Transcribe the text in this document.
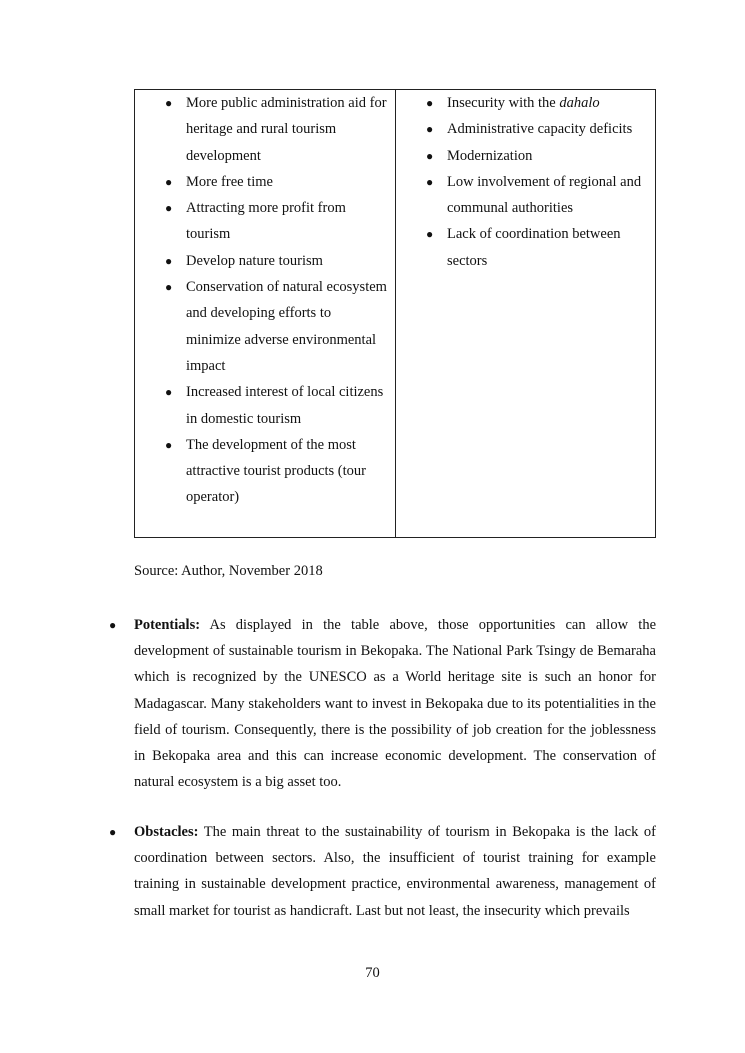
● More public administration aid for heritage and rural tourism development
● More free time
● Attracting more profit from tourism
● Develop nature tourism
● Conservation of natural ecosystem and developing efforts to minimize adverse environmental impact
● Increased interest of local citizens in domestic tourism
● The development of the most attractive tourist products (tour operator)
● Insecurity with the dahalo
● Administrative capacity deficits
● Modernization
● Low involvement of regional and communal authorities
● Lack of coordination between sectors
Source: Author, November 2018
● Potentials: As displayed in the table above, those opportunities can allow the development of sustainable tourism in Bekopaka. The National Park Tsingy de Bemaraha which is recognized by the UNESCO as a World heritage site is such an honor for Madagascar. Many stakeholders want to invest in Bekopaka due to its potentialities in the field of tourism. Consequently, there is the possibility of job creation for the joblessness in Bekopaka area and this can increase economic development. The conservation of natural ecosystem is a big asset too.
● Obstacles: The main threat to the sustainability of tourism in Bekopaka is the lack of coordination between sectors. Also, the insufficient of tourist training for example training in sustainable development practice, environmental awareness, management of small market for tourist as handicraft. Last but not least, the insecurity which prevails
70
